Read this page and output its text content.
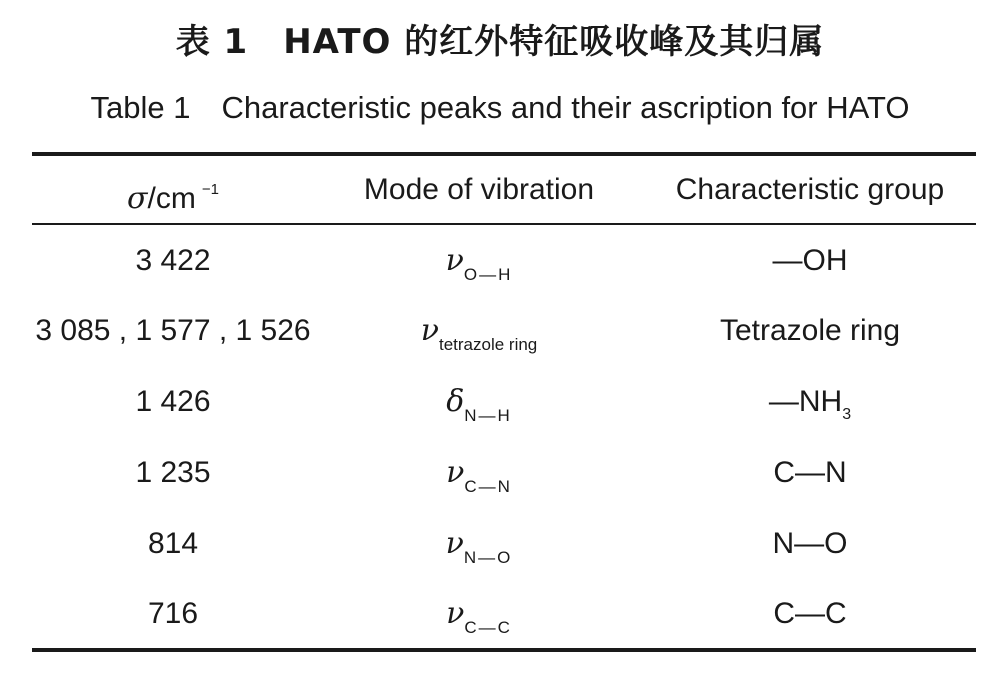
表 1　HATO 的红外特征吸收峰及其归属
Table 1　Characteristic peaks and their ascription for HATO
σ/cm $^{-1}$	Mode of vibration	Characteristic group
3 422	$\nu_{O—H}$	—OH
3 085 , 1 577 , 1 526	$\nu_{tetrazole ring}$	Tetrazole ring
1 426	$\delta_{N—H}$	$—NH_3$
1 235	$\nu_{C—N}$	C—N
814	$\nu_{N—O}$	N—O
716	$\nu_{C—C}$	C—C
